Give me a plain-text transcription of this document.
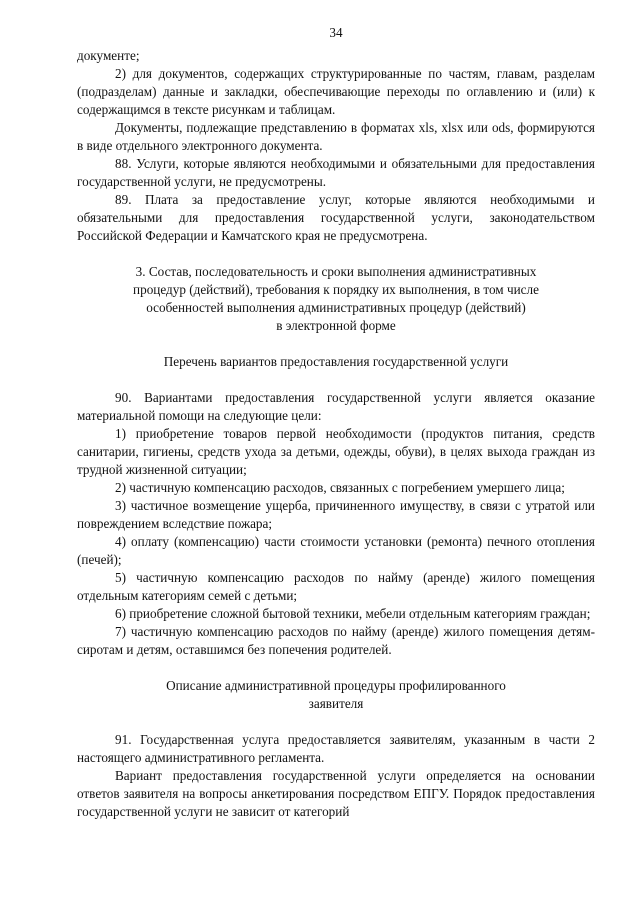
34

документе;

2) для документов, содержащих структурированные по частям, главам, разделам (подразделам) данные и закладки, обеспечивающие переходы по оглавлению и (или) к содержащимся в тексте рисункам и таблицам.

Документы, подлежащие представлению в форматах xls, xlsx или ods, формируются в виде отдельного электронного документа.

88. Услуги, которые являются необходимыми и обязательными для предоставления государственной услуги, не предусмотрены.

89. Плата за предоставление услуг, которые являются необходимыми и обязательными для предоставления государственной услуги, законодательством Российской Федерации и Камчатского края не предусмотрена.

3. Состав, последовательность и сроки выполнения административных

процедур (действий), требования к порядку их выполнения, в том числе

особенностей выполнения административных процедур (действий)

в электронной форме

Перечень вариантов предоставления государственной услуги

90. Вариантами предоставления государственной услуги является оказание материальной помощи на следующие цели:

1) приобретение товаров первой необходимости (продуктов питания, средств санитарии, гигиены, средств ухода за детьми, одежды, обуви), в целях выхода граждан из трудной жизненной ситуации;

2) частичную компенсацию расходов, связанных с погребением умершего лица;

3) частичное возмещение ущерба, причиненного имуществу, в связи с утратой или повреждением вследствие пожара;

4) оплату (компенсацию) части стоимости установки (ремонта) печного отопления (печей);

5) частичную компенсацию расходов по найму (аренде) жилого помещения отдельным категориям семей с детьми;

6) приобретение сложной бытовой техники, мебели отдельным категориям граждан;

7) частичную компенсацию расходов по найму (аренде) жилого помещения детям-сиротам и детям, оставшимся без попечения родителей.

Описание административной процедуры профилированного

заявителя

91. Государственная услуга предоставляется заявителям, указанным в части 2 настоящего административного регламента.

Вариант предоставления государственной услуги определяется на основании ответов заявителя на вопросы анкетирования посредством ЕПГУ. Порядок предоставления государственной услуги не зависит от категорий
